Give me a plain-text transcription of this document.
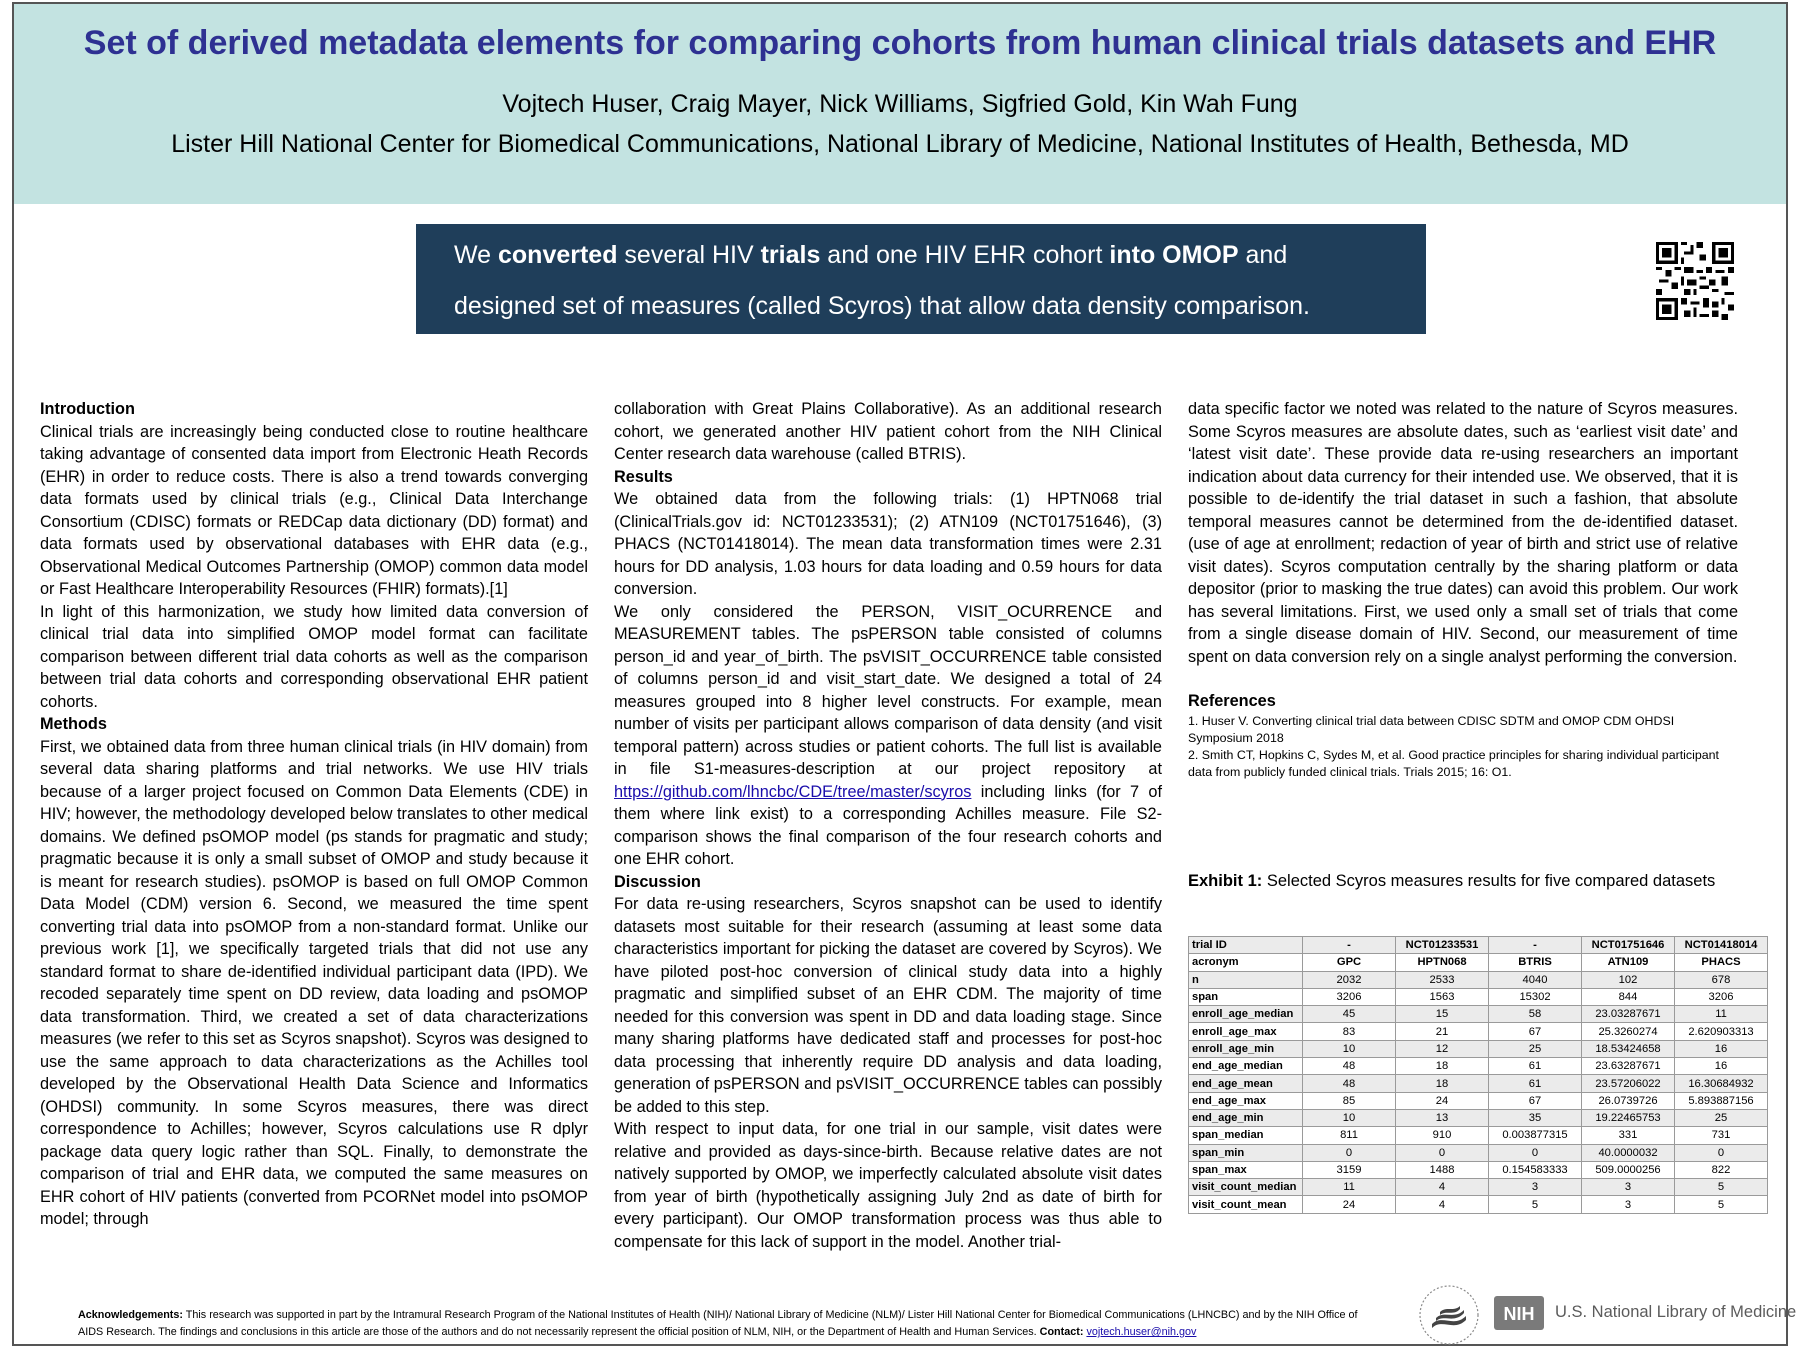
Set of derived metadata elements for comparing cohorts from human clinical trials datasets and EHR
Vojtech Huser, Craig Mayer, Nick Williams, Sigfried Gold, Kin Wah Fung
Lister Hill National Center for Biomedical Communications, National Library of Medicine, National Institutes of Health, Bethesda, MD
We converted several HIV trials and one HIV EHR cohort into OMOP and designed set of measures (called Scyros) that allow data density comparison.

Introduction

Clinical trials are increasingly being conducted close to routine healthcare taking advantage of consented data import from Electronic Heath Records (EHR) in order to reduce costs. There is also a trend towards converging data formats used by clinical trials (e.g., Clinical Data Interchange Consortium (CDISC) formats or REDCap data dictionary (DD) format) and data formats used by observational databases with EHR data (e.g., Observational Medical Outcomes Partnership (OMOP) common data model or Fast Healthcare Interoperability Resources (FHIR) formats).[1]

In light of this harmonization, we study how limited data conversion of clinical trial data into simplified OMOP model format can facilitate comparison between different trial data cohorts as well as the comparison between trial data cohorts and corresponding observational EHR patient cohorts.

Methods

First, we obtained data from three human clinical trials (in HIV domain) from several data sharing platforms and trial networks. We use HIV trials because of a larger project focused on Common Data Elements (CDE) in HIV; however, the methodology developed below translates to other medical domains. We defined psOMOP model (ps stands for pragmatic and study; pragmatic because it is only a small subset of OMOP and study because it is meant for research studies). psOMOP is based on full OMOP Common Data Model (CDM) version 6. Second, we measured the time spent converting trial data into psOMOP from a non-standard format. Unlike our previous work [1], we specifically targeted trials that did not use any standard format to share de-identified individual participant data (IPD). We recoded separately time spent on DD review, data loading and psOMOP data transformation. Third, we created a set of data characterizations measures (we refer to this set as Scyros snapshot). Scyros was designed to use the same approach to data characterizations as the Achilles tool developed by the Observational Health Data Science and Informatics (OHDSI) community. In some Scyros measures, there was direct correspondence to Achilles; however, Scyros calculations use R dplyr package data query logic rather than SQL. Finally, to demonstrate the comparison of trial and EHR data, we computed the same measures on EHR cohort of HIV patients (converted from PCORNet model into psOMOP model; through

collaboration with Great Plains Collaborative). As an additional research cohort, we generated another HIV patient cohort from the NIH Clinical Center research data warehouse (called BTRIS).

Results

We obtained data from the following trials: (1) HPTN068 trial (ClinicalTrials.gov id: NCT01233531); (2) ATN109 (NCT01751646), (3) PHACS (NCT01418014). The mean data transformation times were 2.31 hours for DD analysis, 1.03 hours for data loading and 0.59 hours for data conversion.

We only considered the PERSON, VISIT_OCURRENCE and MEASUREMENT tables. The psPERSON table consisted of columns person_id and year_of_birth. The psVISIT_OCCURRENCE table consisted of columns person_id and visit_start_date. We designed a total of 24 measures grouped into 8 higher level constructs. For example, mean number of visits per participant allows comparison of data density (and visit temporal pattern) across studies or patient cohorts. The full list is available in file S1-measures-description at our project repository at https://github.com/lhncbc/CDE/tree/master/scyros including links (for 7 of them where link exist) to a corresponding Achilles measure. File S2-comparison shows the final comparison of the four research cohorts and one EHR cohort.

Discussion

For data re-using researchers, Scyros snapshot can be used to identify datasets most suitable for their research (assuming at least some data characteristics important for picking the dataset are covered by Scyros). We have piloted post-hoc conversion of clinical study data into a highly pragmatic and simplified subset of an EHR CDM. The majority of time needed for this conversion was spent in DD and data loading stage. Since many sharing platforms have dedicated staff and processes for post-hoc data processing that inherently require DD analysis and data loading, generation of psPERSON and psVISIT_OCCURRENCE tables can possibly be added to this step.

With respect to input data, for one trial in our sample, visit dates were relative and provided as days-since-birth. Because relative dates are not natively supported by OMOP, we imperfectly calculated absolute visit dates from year of birth (hypothetically assigning July 2nd as date of birth for every participant). Our OMOP transformation process was thus able to compensate for this lack of support in the model. Another trial-

data specific factor we noted was related to the nature of Scyros measures. Some Scyros measures are absolute dates, such as ‘earliest visit date’ and ‘latest visit date’. These provide data re-using researchers an important indication about data currency for their intended use. We observed, that it is possible to de-identify the trial dataset in such a fashion, that absolute temporal measures cannot be determined from the de-identified dataset. (use of age at enrollment; redaction of year of birth and strict use of relative visit dates). Scyros computation centrally by the sharing platform or data depositor (prior to masking the true dates) can avoid this problem. Our work has several limitations. First, we used only a small set of trials that come from a single disease domain of HIV. Second, our measurement of time spent on data conversion rely on a single analyst performing the conversion.

References

1. Huser V. Converting clinical trial data between CDISC SDTM and OMOP CDM OHDSI Symposium 2018

2. Smith CT, Hopkins C, Sydes M, et al. Good practice principles for sharing individual participant data from publicly funded clinical trials. Trials 2015; 16: O1.

Exhibit 1: Selected Scyros measures results for five compared datasets
trial ID	-	NCT01233531	-	NCT01751646	NCT01418014
acronym	GPC	HPTN068	BTRIS	ATN109	PHACS
n	2032	2533	4040	102	678
span	3206	1563	15302	844	3206
enroll_age_median	45	15	58	23.03287671	11
enroll_age_max	83	21	67	25.3260274	2.620903313
enroll_age_min	10	12	25	18.53424658	16
end_age_median	48	18	61	23.63287671	16
end_age_mean	48	18	61	23.57206022	16.30684932
end_age_max	85	24	67	26.0739726	5.893887156
end_age_min	10	13	35	19.22465753	25
span_median	811	910	0.003877315	331	731
span_min	0	0	0	40.0000032	0
span_max	3159	1488	0.154583333	509.0000256	822
visit_count_median	11	4	3	3	5
visit_count_mean	24	4	5	3	5
Acknowledgements: This research was supported in part by the Intramural Research Program of the National Institutes of Health (NIH)/ National Library of Medicine (NLM)/ Lister Hill National Center for Biomedical Communications (LHNCBC) and by the NIH Office of AIDS Research. The findings and conclusions in this article are those of the authors and do not necessarily represent the official position of NLM, NIH, or the Department of Health and Human Services. Contact: vojtech.huser@nih.gov
NIH U.S. National Library of Medicine
